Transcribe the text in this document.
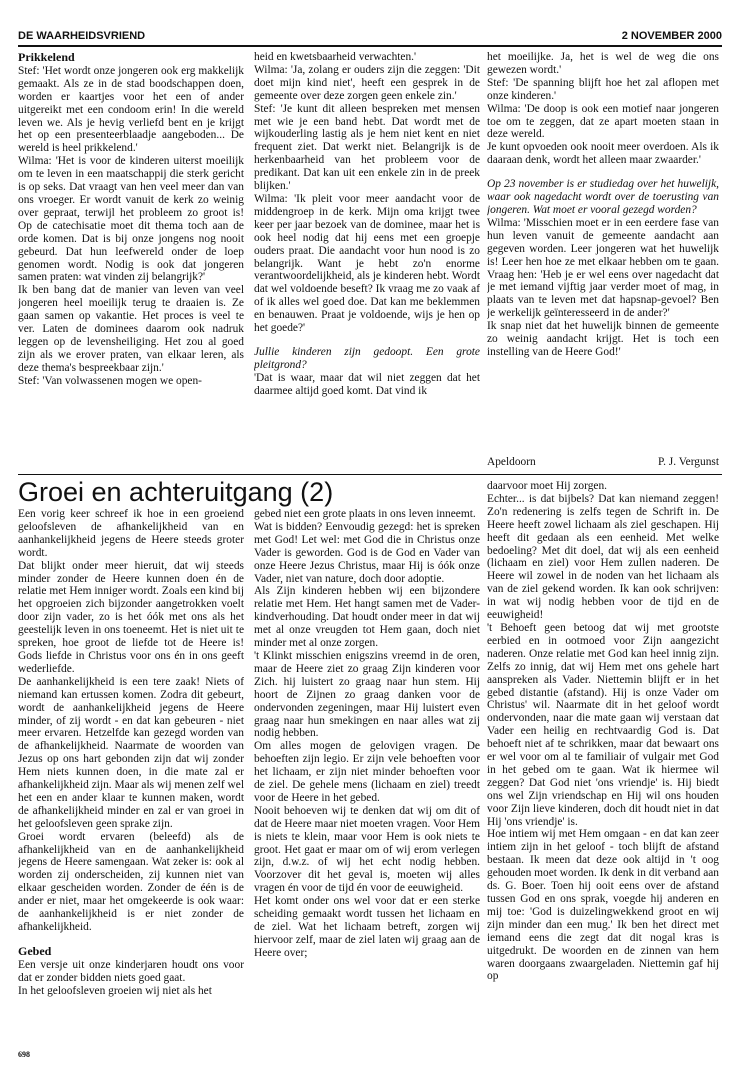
DE WAARHEIDSVRIEND	2 NOVEMBER 2000

Prikkelend

Stef: 'Het wordt onze jongeren ook erg makkelijk gemaakt. Als ze in de stad boodschappen doen, worden er kaartjes voor het een of ander uitgereikt met een condoom erin! In die wereld leven we. Als je hevig verliefd bent en je krijgt het op een presenteerblaadje aangeboden... De wereld is heel prikkelend.'

Wilma: 'Het is voor de kinderen uiterst moeilijk om te leven in een maatschappij die sterk gericht is op seks. Dat vraagt van hen veel meer dan van ons vroeger. Er wordt vanuit de kerk zo weinig over gepraat, terwijl het probleem zo groot is! Op de catechisatie moet dit thema toch aan de orde komen. Dat is bij onze jongens nog nooit gebeurd. Dat hun leefwereld onder de loep genomen wordt. Nodig is ook dat jongeren samen praten: wat vinden zij belangrijk?'

Ik ben bang dat de manier van leven van veel jongeren heel moeilijk terug te draaien is. Ze gaan samen op vakantie. Het proces is veel te ver. Laten de dominees daarom ook nadruk leggen op de levensheiliging. Het zou al goed zijn als we erover praten, van elkaar leren, als deze thema's bespreekbaar zijn.'

Stef: 'Van volwassenen mogen we open-

heid en kwetsbaarheid verwachten.'

Wilma: 'Ja, zolang er ouders zijn die zeggen: 'Dit doet mijn kind niet', heeft een gesprek in de gemeente over deze zorgen geen enkele zin.'

Stef: 'Je kunt dit alleen bespreken met mensen met wie je een band hebt. Dat wordt met de wijkouderling lastig als je hem niet kent en niet frequent ziet. Dat werkt niet. Belangrijk is de herkenbaarheid van het probleem voor de predikant. Dat kan uit een enkele zin in de preek blijken.'

Wilma: 'Ik pleit voor meer aandacht voor de middengroep in de kerk. Mijn oma krijgt twee keer per jaar bezoek van de dominee, maar het is ook heel nodig dat hij eens met een groepje ouders praat. Die aandacht voor hun nood is zo belangrijk. Want je hebt zo'n enorme verantwoordelijkheid, als je kinderen hebt. Wordt dat wel voldoende beseft? Ik vraag me zo vaak af of ik alles wel goed doe. Dat kan me beklemmen en benauwen. Praat je voldoende, wijs je hen op het goede?'

Jullie kinderen zijn gedoopt. Een grote pleitgrond?

'Dat is waar, maar dat wil niet zeggen dat het daarmee altijd goed komt. Dat vind ik

het moeilijke. Ja, het is wel de weg die ons gewezen wordt.'

Stef: 'De spanning blijft hoe het zal aflopen met onze kinderen.'

Wilma: 'De doop is ook een motief naar jongeren toe om te zeggen, dat ze apart moeten staan in deze wereld.

Je kunt opvoeden ook nooit meer overdoen. Als ik daaraan denk, wordt het alleen maar zwaarder.'

Op 23 november is er studiedag over het huwelijk, waar ook nagedacht wordt over de toerusting van jongeren. Wat moet er vooral gezegd worden?

Wilma: 'Misschien moet er in een eerdere fase van hun leven vanuit de gemeente aandacht aan gegeven worden. Leer jongeren wat het huwelijk is! Leer hen hoe ze met elkaar hebben om te gaan. Vraag hen: 'Heb je er wel eens over nagedacht dat je met iemand vijftig jaar verder moet of mag, in plaats van te leven met dat hapsnap-gevoel? Ben je werkelijk geïnteresseerd in de ander?'

Ik snap niet dat het huwelijk binnen de gemeente zo weinig aandacht krijgt. Het is toch een instelling van de Heere God!'

Apeldoorn	P. J. Vergunst
Groei en achteruitgang (2)

Een vorig keer schreef ik hoe in een groeiend geloofsleven de afhankelijkheid van en aanhankelijkheid jegens de Heere steeds groter wordt.

Dat blijkt onder meer hieruit, dat wij steeds minder zonder de Heere kunnen doen én de relatie met Hem inniger wordt. Zoals een kind bij het opgroeien zich bijzonder aangetrokken voelt door zijn vader, zo is het óók met ons als het geestelijk leven in ons toeneemt. Het is niet uit te spreken, hoe groot de liefde tot de Heere is! Gods liefde in Christus voor ons én in ons geeft wederliefde.

De aanhankelijkheid is een tere zaak! Niets of niemand kan ertussen komen. Zodra dit gebeurt, wordt de aanhankelijkheid jegens de Heere minder, of zij wordt - en dat kan gebeuren - niet meer ervaren. Hetzelfde kan gezegd worden van de afhankelijkheid. Naarmate de woorden van Jezus op ons hart gebonden zijn dat wij zonder Hem niets kunnen doen, in die mate zal er afhankelijkheid zijn. Maar als wij menen zelf wel het een en ander klaar te kunnen maken, wordt de afhankelijkheid minder en zal er van groei in het geloofsleven geen sprake zijn.

Groei wordt ervaren (beleefd) als de afhankelijkheid van en de aanhankelijkheid jegens de Heere samengaan. Wat zeker is: ook al worden zij onderscheiden, zij kunnen niet van elkaar gescheiden worden. Zonder de één is de ander er niet, maar het omgekeerde is ook waar: de aanhankelijkheid is er niet zonder de afhankelijkheid.

Gebed

Een versje uit onze kinderjaren houdt ons voor dat er zonder bidden niets goed gaat.

In het geloofsleven groeien wij niet als het

gebed niet een grote plaats in ons leven inneemt.

Wat is bidden? Eenvoudig gezegd: het is spreken met God! Let wel: met God die in Christus onze Vader is geworden. God is de God en Vader van onze Heere Jezus Christus, maar Hij is óók onze Vader, niet van nature, doch door adoptie.

Als Zijn kinderen hebben wij een bijzondere relatie met Hem. Het hangt samen met de Vader-kindverhouding. Dat houdt onder meer in dat wij met al onze vreugden tot Hem gaan, doch niet minder met al onze zorgen.

't Klinkt misschien enigszins vreemd in de oren, maar de Heere ziet zo graag Zijn kinderen voor Zich. hij luistert zo graag naar hun stem. Hij hoort de Zijnen zo graag danken voor de ondervonden zegeningen, maar Hij luistert even graag naar hun smekingen en naar alles wat zij nodig hebben.

Om alles mogen de gelovigen vragen. De behoeften zijn legio. Er zijn vele behoeften voor het lichaam, er zijn niet minder behoeften voor de ziel. De gehele mens (lichaam en ziel) treedt voor de Heere in het gebed.

Nooit behoeven wij te denken dat wij om dit of dat de Heere maar niet moeten vragen. Voor Hem is niets te klein, maar voor Hem is ook niets te groot. Het gaat er maar om of wij erom verlegen zijn, d.w.z. of wij het echt nodig hebben. Voorzover dit het geval is, moeten wij alles vragen én voor de tijd én voor de eeuwigheid.

Het komt onder ons wel voor dat er een sterke scheiding gemaakt wordt tussen het lichaam en de ziel. Wat het lichaam betreft, zorgen wij hiervoor zelf, maar de ziel laten wij graag aan de Heere over;

daarvoor moet Hij zorgen.

Echter... is dat bijbels? Dat kan niemand zeggen! Zo'n redenering is zelfs tegen de Schrift in. De Heere heeft zowel lichaam als ziel geschapen. Hij heeft dit gedaan als een eenheid. Met welke bedoeling? Met dit doel, dat wij als een eenheid (lichaam en ziel) voor Hem zullen naderen. De Heere wil zowel in de noden van het lichaam als van de ziel gekend worden. Ik kan ook schrijven: in wat wij nodig hebben voor de tijd en de eeuwigheid!

't Behoeft geen betoog dat wij met grootste eerbied en in ootmoed voor Zijn aangezicht naderen. Onze relatie met God kan heel innig zijn. Zelfs zo innig, dat wij Hem met ons gehele hart aanspreken als Vader. Niettemin blijft er in het gebed distantie (afstand). Hij is onze Vader om Christus' wil. Naarmate dit in het geloof wordt ondervonden, naar die mate gaan wij verstaan dat Vader een heilig en rechtvaardig God is. Dat behoeft niet af te schrikken, maar dat bewaart ons er wel voor om al te familiair of vulgair met God in het gebed om te gaan. Wat ik hiermee wil zeggen? Dat God niet 'ons vriendje' is. Hij biedt ons wel Zijn vriendschap en Hij wil ons houden voor Zijn lieve kinderen, doch dit houdt niet in dat Hij 'ons vriendje' is.

Hoe intiem wij met Hem omgaan - en dat kan zeer intiem zijn in het geloof - toch blijft de afstand bestaan. Ik meen dat deze ook altijd in 't oog gehouden moet worden. Ik denk in dit verband aan ds. G. Boer. Toen hij ooit eens over de afstand tussen God en ons sprak, voegde hij anderen en mij toe: 'God is duizelingwekkend groot en wij zijn minder dan een mug.' Ik ben het direct met iemand eens die zegt dat dit nogal kras is uitgedrukt. De woorden en de zinnen van hem waren doorgaans zwaargeladen. Niettemin gaf hij op

698
